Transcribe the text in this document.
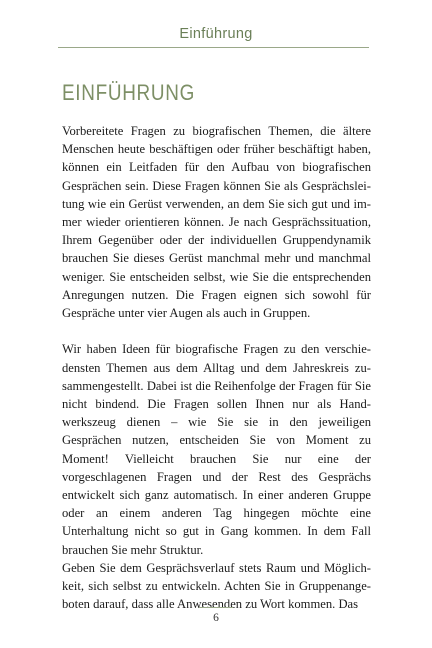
Einführung
EINFÜHRUNG

Vorbereitete Fragen zu biografischen Themen, die ältere Menschen heute beschäftigen oder früher beschäftigt haben, können ein Leitfaden für den Aufbau von biografischen Gesprächen sein. Diese Fragen können Sie als Gesprächsleitung wie ein Gerüst verwenden, an dem Sie sich gut und immer wieder orientieren können. Je nach Gesprächssituation, Ihrem Gegenüber oder der individuellen Gruppendynamik brauchen Sie dieses Gerüst manchmal mehr und manchmal weniger. Sie entscheiden selbst, wie Sie die entsprechenden Anregungen nutzen. Die Fragen eignen sich sowohl für Gespräche unter vier Augen als auch in Gruppen.

Wir haben Ideen für biografische Fragen zu den verschiedensten Themen aus dem Alltag und dem Jahreskreis zusammengestellt. Dabei ist die Reihenfolge der Fragen für Sie nicht bindend. Die Fragen sollen Ihnen nur als Handwerkszeug dienen – wie Sie sie in den jeweiligen Gesprächen nutzen, entscheiden Sie von Moment zu Moment! Vielleicht brauchen Sie nur eine der vorgeschlagenen Fragen und der Rest des Gesprächs entwickelt sich ganz automatisch. In einer anderen Gruppe oder an einem anderen Tag hingegen möchte eine Unterhaltung nicht so gut in Gang kommen. In dem Fall brauchen Sie mehr Struktur.

Geben Sie dem Gesprächsverlauf stets Raum und Möglichkeit, sich selbst zu entwickeln. Achten Sie in Gruppenangeboten darauf, dass alle Anwesenden zu Wort kommen. Das

6
